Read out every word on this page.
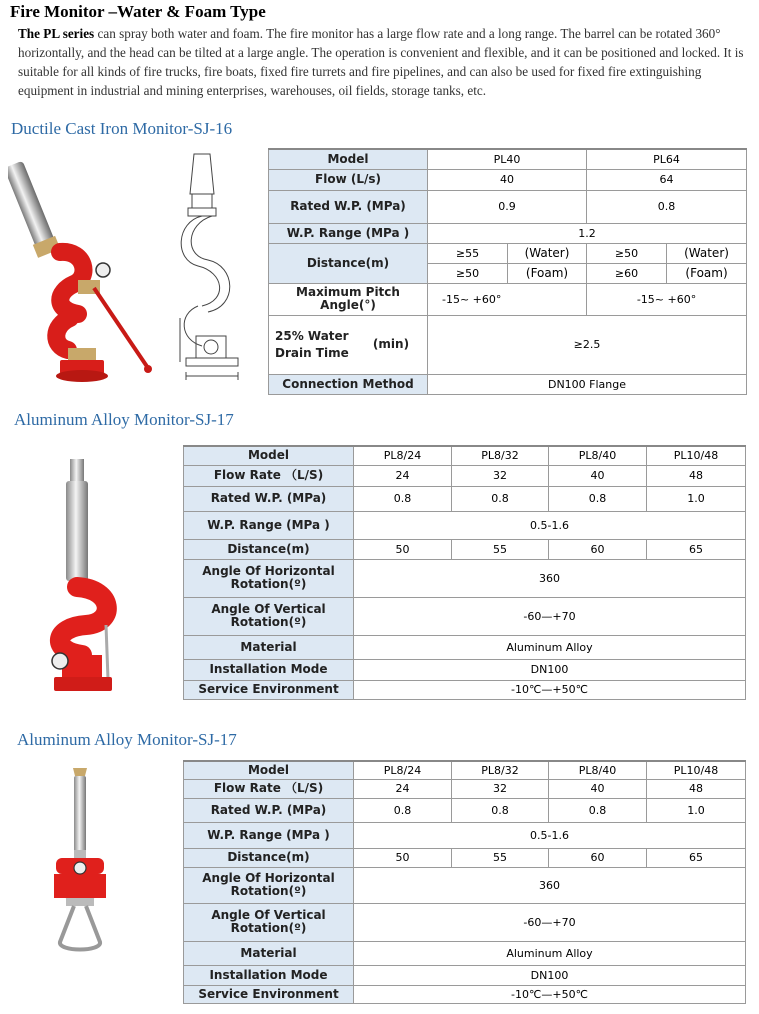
Fire Monitor –Water & Foam Type

The PL series can spray both water and foam. The fire monitor has a large flow rate and a long range. The barrel can be rotated 360° horizontally, and the head can be tilted at a large angle. The operation is convenient and flexible, and it can be positioned and locked. It is suitable for all kinds of fire trucks, fire boats, fixed fire turrets and fire pipelines, and can also be used for fixed fire extinguishing equipment in industrial and mining enterprises, warehouses, oil fields, storage tanks, etc.

Ductile Cast Iron Monitor-SJ-16
Model	PL40		PL64	
Flow (L/s)	40		64	
Rated W.P. (MPa)	0.9		0.8	
W.P. Range (MPa )	1.2			
Distance(m)	≥55	(Water)	≥50	(Water)
	≥50	(Foam)	≥60	(Foam)
Maximum Pitch Angle(°)	-15~ +60°		-15~ +60°	

25% Water Drain Time
(min)	≥2.5			
Connection Method	DN100 Flange			
Aluminum Alloy Monitor-SJ-17
Model	PL8/24	PL8/32	PL8/40	PL10/48
Flow Rate （L/S)	24	32	40	48
Rated W.P. (MPa)	0.8	0.8	0.8	1.0
W.P. Range (MPa )	0.5-1.6			
Distance(m)	50	55	60	65
Angle Of Horizontal Rotation(º)	360			
Angle Of Vertical Rotation(º)	-60—+70			
Material	Aluminum Alloy			
Installation Mode	DN100			
Service Environment	-10℃—+50℃			
Aluminum Alloy Monitor-SJ-17
Model	PL8/24	PL8/32	PL8/40	PL10/48
Flow Rate （L/S)	24	32	40	48
Rated W.P. (MPa)	0.8	0.8	0.8	1.0
W.P. Range (MPa )	0.5-1.6			
Distance(m)	50	55	60	65
Angle Of Horizontal Rotation(º)	360			
Angle Of Vertical Rotation(º)	-60—+70			
Material	Aluminum Alloy			
Installation Mode	DN100			
Service Environment	-10℃—+50℃			
